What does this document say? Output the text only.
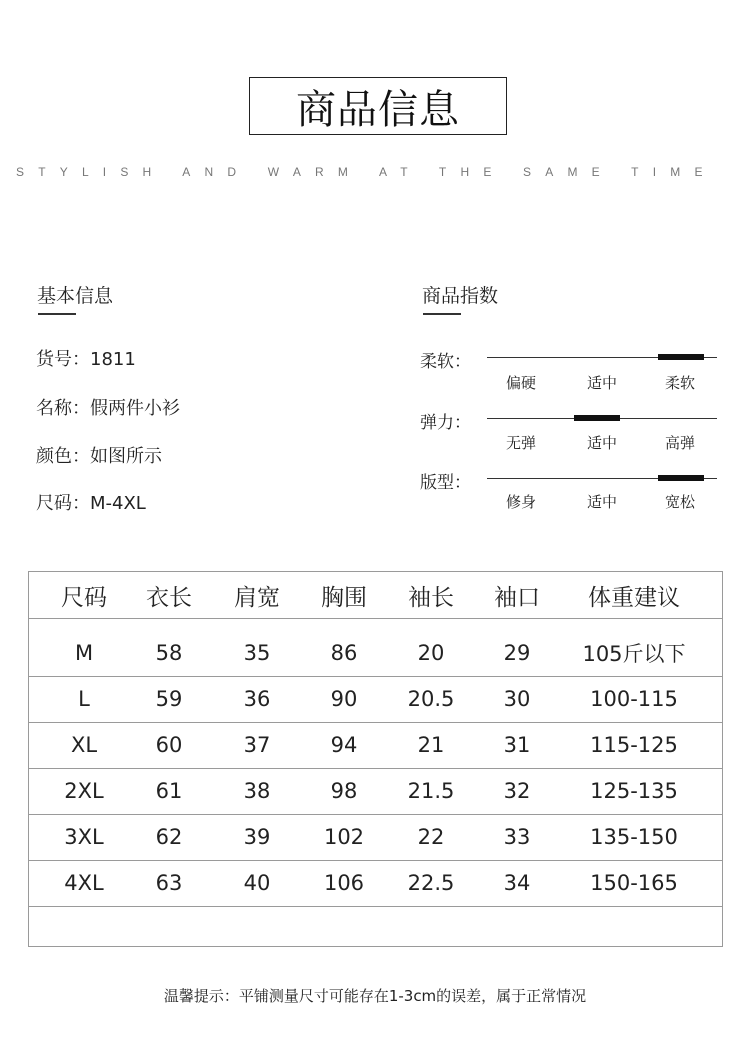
商品信息
STYLISH AND WARM AT THE SAME TIME
基本信息
货号：1811
名称：假两件小衫
颜色：如图所示
尺码：M-4XL
商品指数
柔软：
偏硬	适中	柔软
弹力：
无弹	适中	高弹
版型：
修身	适中	宽松
尺码	衣长	肩宽	胸围	袖长	袖口	体重建议
M	58	35	86	20	29	105斤以下
L	59	36	90	20.5	30	100-115
XL	60	37	94	21	31	115-125
2XL	61	38	98	21.5	32	125-135
3XL	62	39	102	22	33	135-150
4XL	63	40	106	22.5	34	150-165
温馨提示：平铺测量尺寸可能存在1-3cm的误差，属于正常情况
